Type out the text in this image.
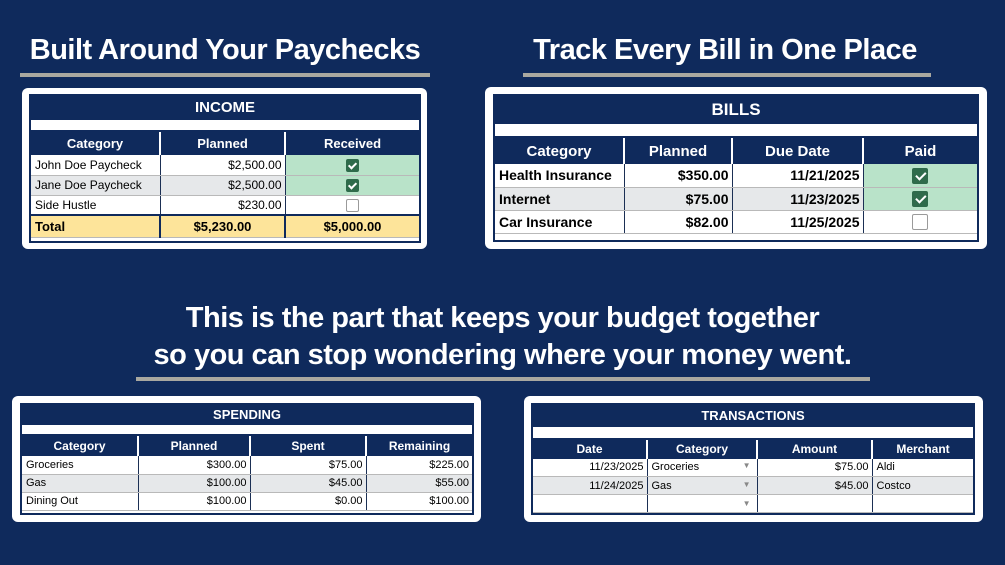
Built Around Your Paychecks	Track Every Bill in One Place
INCOME
Category	Planned	Received
John Doe Paycheck	$2,500.00	
Jane Doe Paycheck	$2,500.00	
Side Hustle	$230.00	
Total	$5,230.00	$5,000.00
BILLS
Category	Planned	Due Date	Paid
Health Insurance	$350.00	11/21/2025	
Internet	$75.00	11/23/2025	
Car Insurance	$82.00	11/25/2025	
This is the part that keeps your budget together
so you can stop wondering where your money went.
SPENDING
Category	Planned	Spent	Remaining
Groceries	$300.00	$75.00	$225.00
Gas	$100.00	$45.00	$55.00
Dining Out	$100.00	$0.00	$100.00
TRANSACTIONS
Date	Category	Amount	Merchant
11/23/2025	Groceries ▼	$75.00	Aldi
11/24/2025	Gas ▼	$45.00	Costco

	▼		
